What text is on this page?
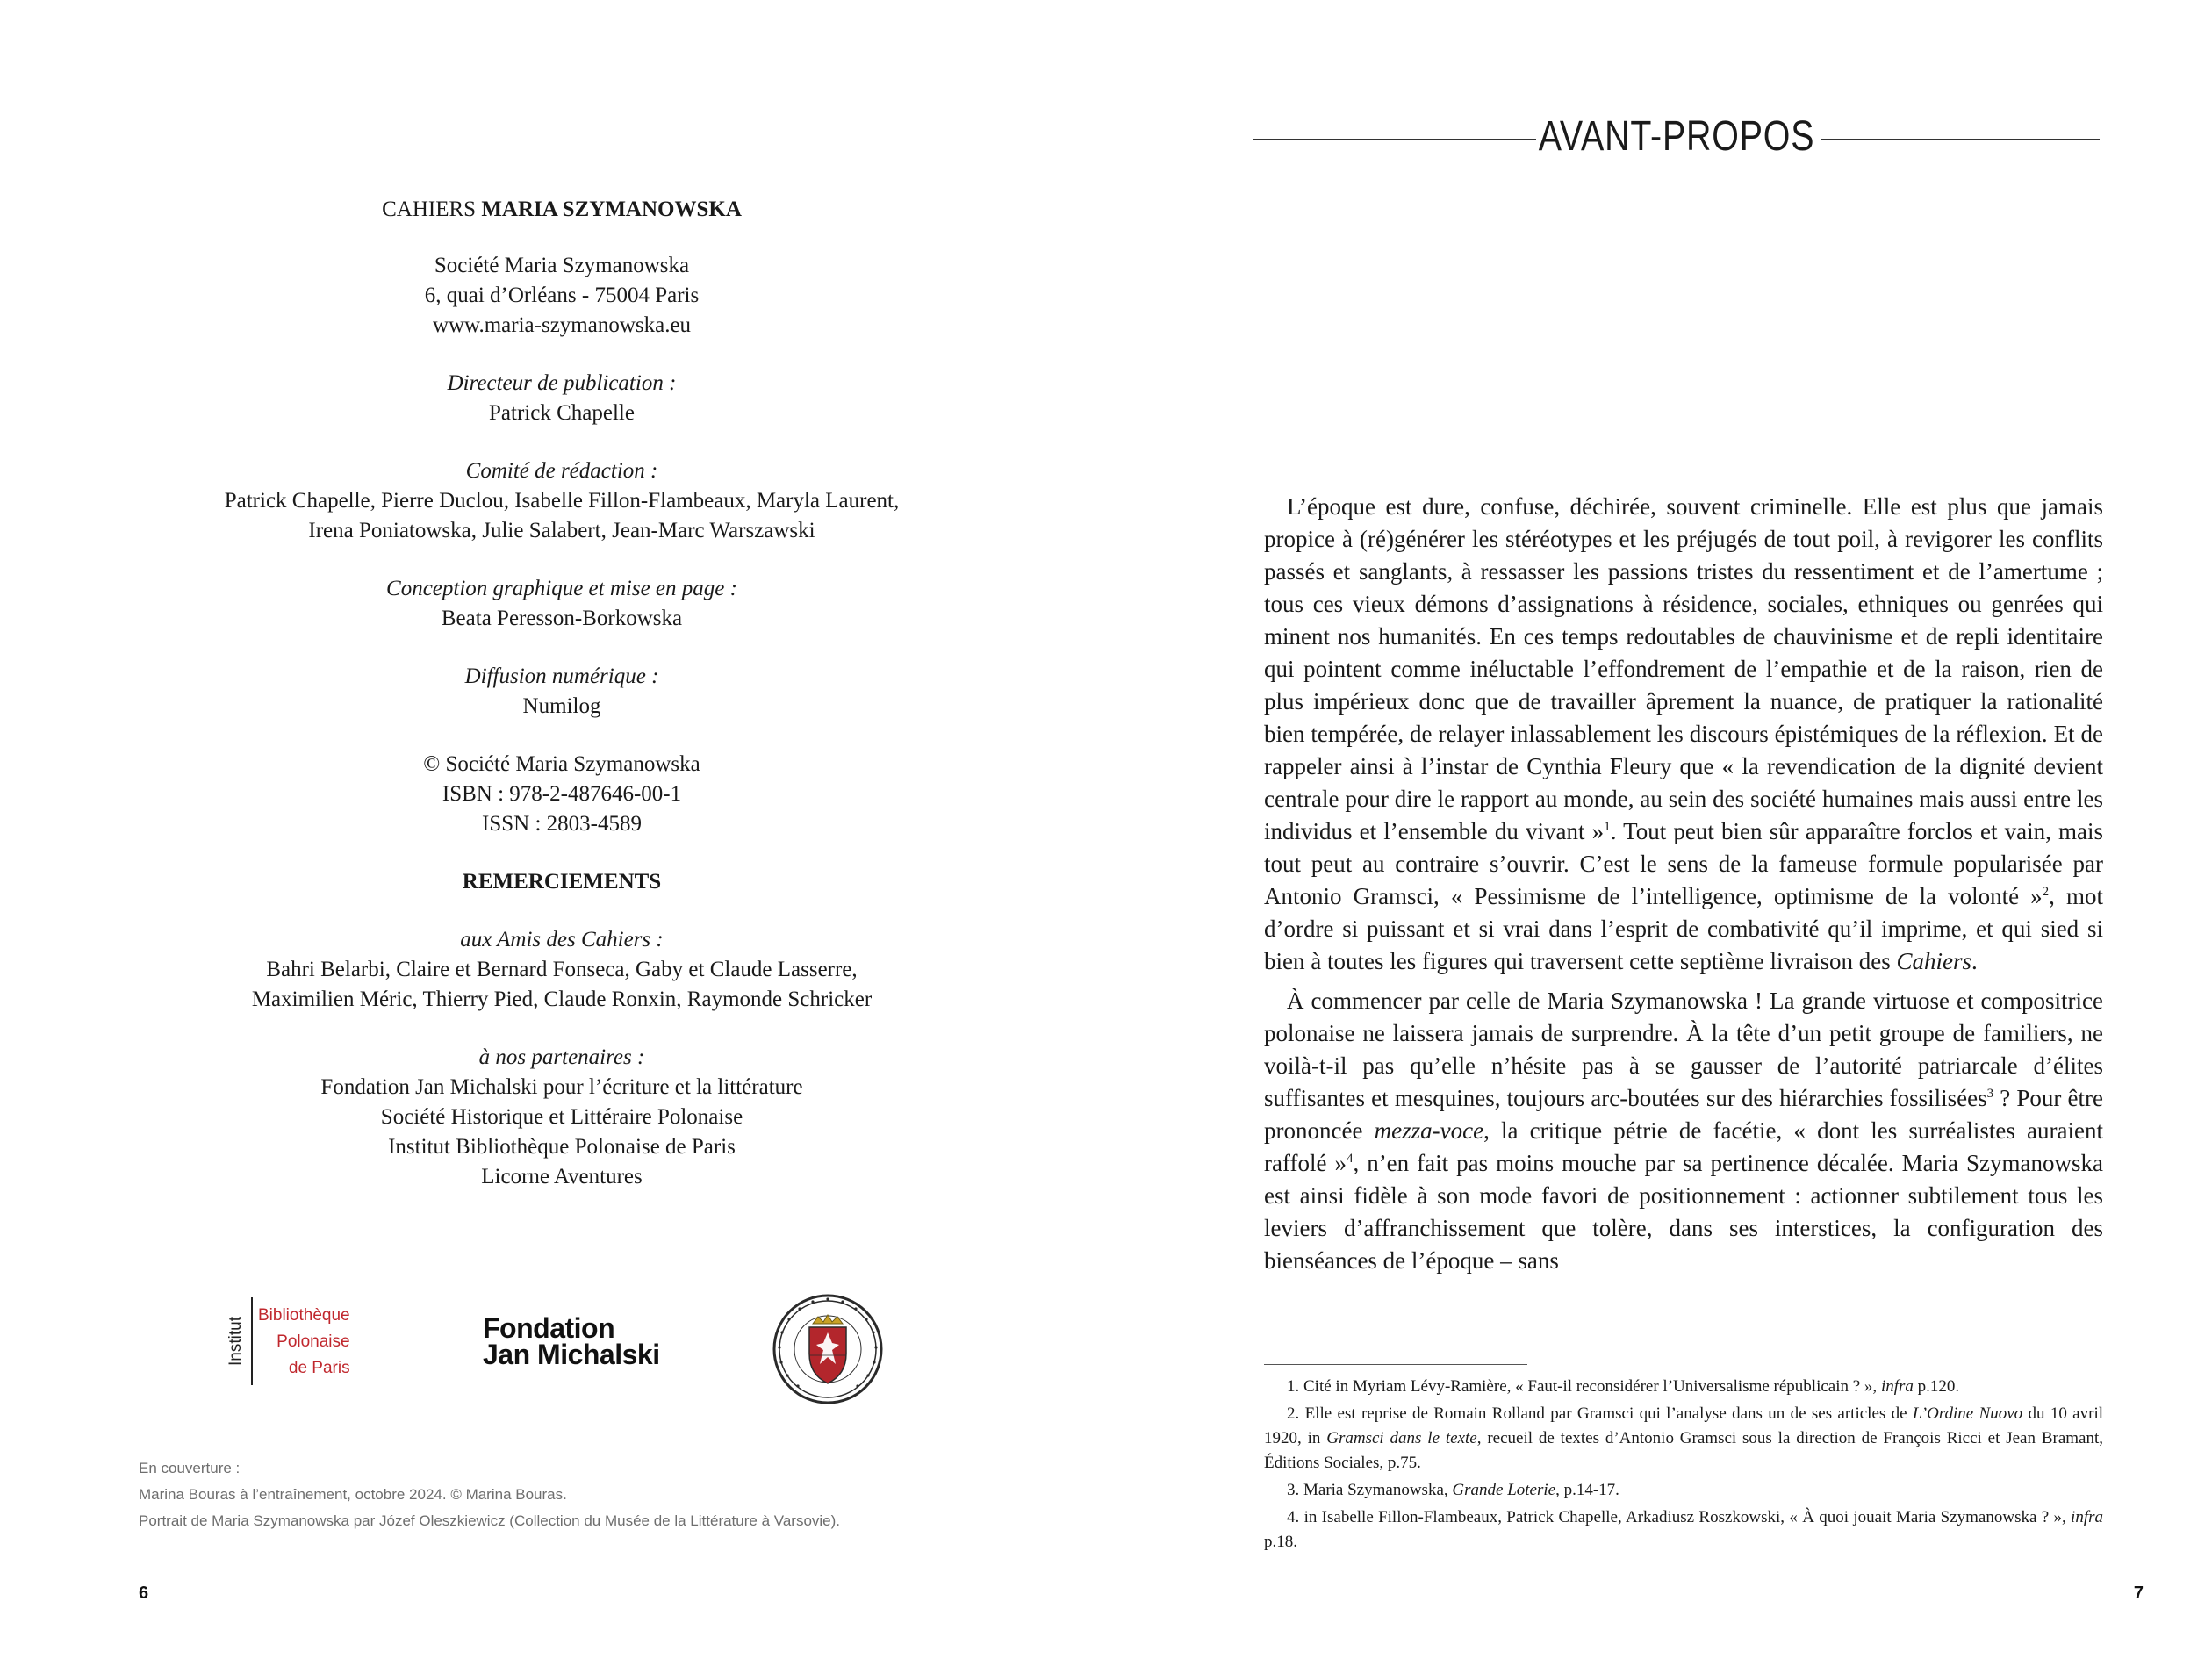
CAHIERS MARIA SZYMANOWSKA

Société Maria Szymanowska

6, quai d’Orléans - 75004 Paris

www.maria-szymanowska.eu

Directeur de publication :

Patrick Chapelle

Comité de rédaction :

Patrick Chapelle, Pierre Duclou, Isabelle Fillon-Flambeaux, Maryla Laurent,

Irena Poniatowska, Julie Salabert, Jean-Marc Warszawski

Conception graphique et mise en page :

Beata Peresson-Borkowska

Diffusion numérique :

Numilog

© Société Maria Szymanowska

ISBN : 978-2-487646-00-1

ISSN : 2803-4589

REMERCIEMENTS

aux Amis des Cahiers :

Bahri Belarbi, Claire et Bernard Fonseca, Gaby et Claude Lasserre,

Maximilien Méric, Thierry Pied, Claude Ronxin, Raymonde Schricker

à nos partenaires :

Fondation Jan Michalski pour l’écriture et la littérature

Société Historique et Littéraire Polonaise

Institut Bibliothèque Polonaise de Paris

Licorne Aventures

Institut
Bibliothèque
Polonaise
de Paris
Fondation
Jan Michalski

En couverture :

Marina Bouras à l’entraînement, octobre 2024. © Marina Bouras.

Portrait de Maria Szymanowska par Józef Oleszkiewicz (Collection du Musée de la Littérature à Varsovie).

6
AVANT-PROPOS

L’époque est dure, confuse, déchirée, souvent criminelle. Elle est plus que jamais propice à (ré)générer les stéréotypes et les préjugés de tout poil, à revigorer les conflits passés et sanglants, à ressasser les passions tristes du ressentiment et de l’amertume ; tous ces vieux démons d’assignations à résidence, sociales, ethniques ou genrées qui minent nos humanités. En ces temps redoutables de chauvinisme et de repli identitaire qui pointent comme inéluctable l’effondrement de l’empathie et de la raison, rien de plus impérieux donc que de travailler âprement la nuance, de pratiquer la rationalité bien tempérée, de relayer inlassablement les discours épistémiques de la réflexion. Et de rappeler ainsi à l’instar de Cynthia Fleury que « la revendication de la dignité devient centrale pour dire le rapport au monde, au sein des société humaines mais aussi entre les individus et l’ensemble du vivant »$^1$. Tout peut bien sûr apparaître forclos et vain, mais tout peut au contraire s’ouvrir. C’est le sens de la fameuse formule popularisée par Antonio Gramsci, « Pessimisme de l’intelligence, optimisme de la volonté »$^2$, mot d’ordre si puissant et si vrai dans l’esprit de combativité qu’il imprime, et qui sied si bien à toutes les figures qui traversent cette septième livraison des Cahiers.

À commencer par celle de Maria Szymanowska ! La grande virtuose et compositrice polonaise ne laissera jamais de surprendre. À la tête d’un petit groupe de familiers, ne voilà-t-il pas qu’elle n’hésite pas à se gausser de l’autorité patriarcale d’élites suffisantes et mesquines, toujours arc-boutées sur des hiérarchies fossilisées$^3$ ? Pour être prononcée mezza-voce, la critique pétrie de facétie, « dont les surréalistes auraient raffolé »$^4$, n’en fait pas moins mouche par sa pertinence décalée. Maria Szymanowska est ainsi fidèle à son mode favori de positionnement : actionner subtilement tous les leviers d’affranchissement que tolère, dans ses interstices, la configuration des bienséances de l’époque – sans

1. Cité in Myriam Lévy-Ramière, « Faut-il reconsidérer l’Universalisme républicain ? », infra p.120.

2. Elle est reprise de Romain Rolland par Gramsci qui l’analyse dans un de ses articles de L’Ordine Nuovo du 10 avril 1920, in Gramsci dans le texte, recueil de textes d’Antonio Gramsci sous la direction de François Ricci et Jean Bramant, Éditions Sociales, p.75.

3. Maria Szymanowska, Grande Loterie, p.14-17.

4. in Isabelle Fillon-Flambeaux, Patrick Chapelle, Arkadiusz Roszkowski, « À quoi jouait Maria Szymanowska ? », infra p.18.

7
